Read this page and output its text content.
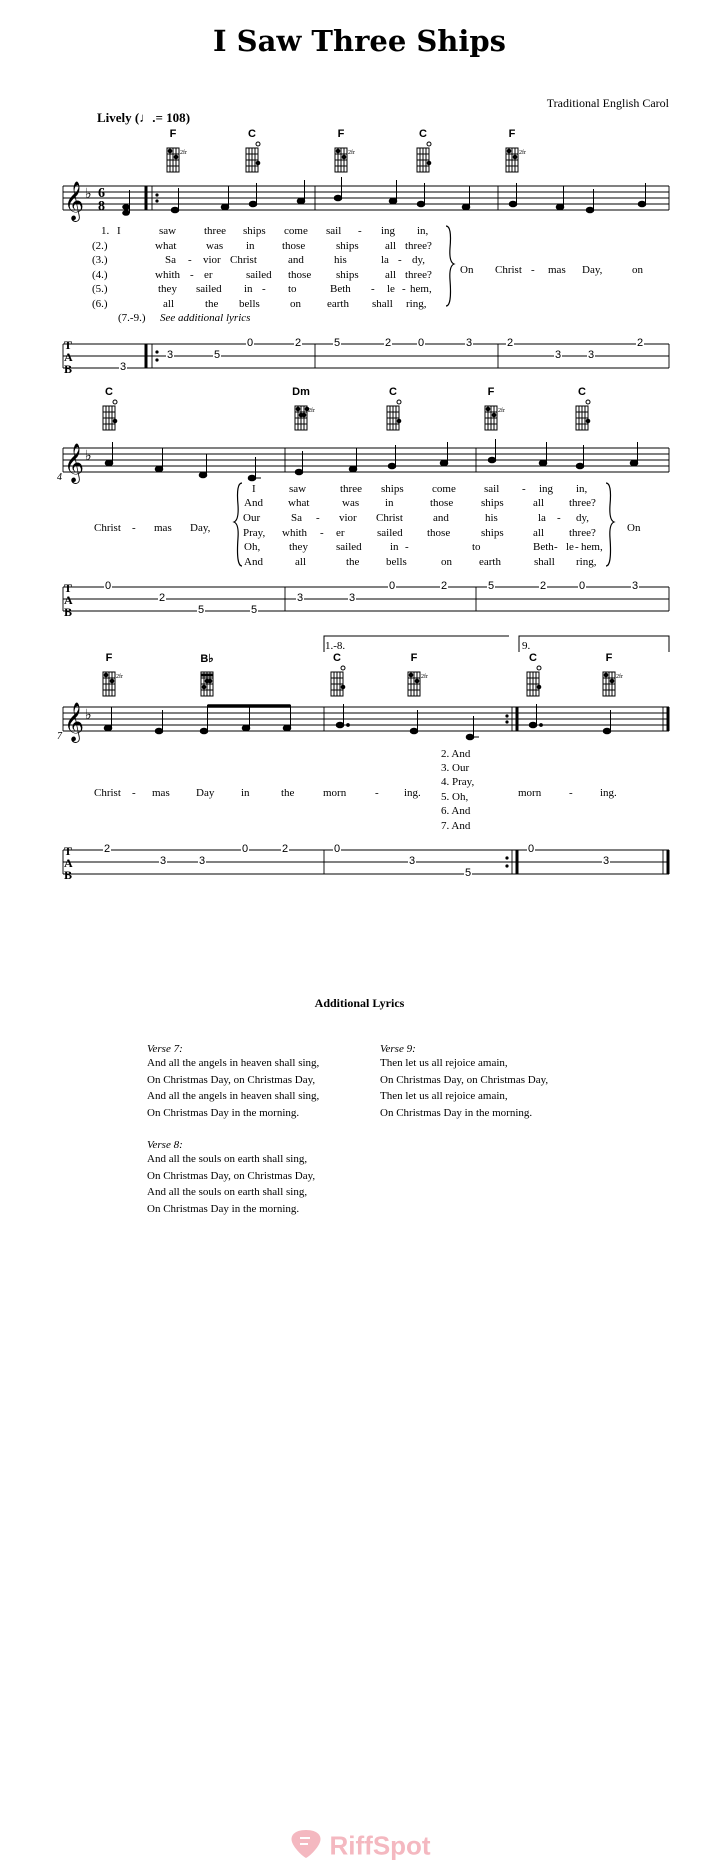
I Saw Three Ships
Traditional English Carol
Lively (♩.= 108)
F	C	F	C	F
2fr	2fr	2fr
𝄞 ♭ 6
8
T
A
B
1.
(2.)
(3.)
(4.)
(5.)
(6.)
I	saw	three ships come sail - ing in,
what	was in those	ships all three?
Sa - vior Christ	and	his	la - dy,
whith - er	sailed those ships all three?
they sailed in - to	Beth - le - hem,
all	the bells	on earth shall ring,
(7.-9.) See additional lyrics
On Christ - mas Day,	on
3
3	5
0	2	5	2 0	3	2
3 3
2
C	Dm	C	F	C
4
2fr	2fr
𝄞 ♭
T
A
B
Christ - mas Day,
I	saw	three ships	come	sail - ing in,
And what	was in	those	ships	all three?
Our	Sa - vior Christ	and	his	la - dy,
Pray, whith - er	sailed those	ships	all three?
Oh,	they	sailed	in -	to	Beth - le - hem,
And	all	the bells	on earth	shall ring,
On
0
2
5	5
3	3
0	2	5	2	0	3
1.-8.	9.
F	B♭	C	F	C	F
7
2fr	2fr	2fr
𝄞 ♭
T
A
B
2. And
3. Our
4. Pray,
5. Oh,
6. And
7. And
Christ - mas Day in	the	morn	- ing.	morn	- ing.
2
3	3
0	2	0
3
5
0
3
Additional Lyrics
Verse 7:
And all the angels in heaven shall sing,
On Christmas Day, on Christmas Day,
And all the angels in heaven shall sing,
On Christmas Day in the morning.
Verse 8:
And all the souls on earth shall sing,
On Christmas Day, on Christmas Day,
And all the souls on earth shall sing,
On Christmas Day in the morning.
Verse 9:
Then let us all rejoice amain,
On Christmas Day, on Christmas Day,
Then let us all rejoice amain,
On Christmas Day in the morning.
RiffSpot
